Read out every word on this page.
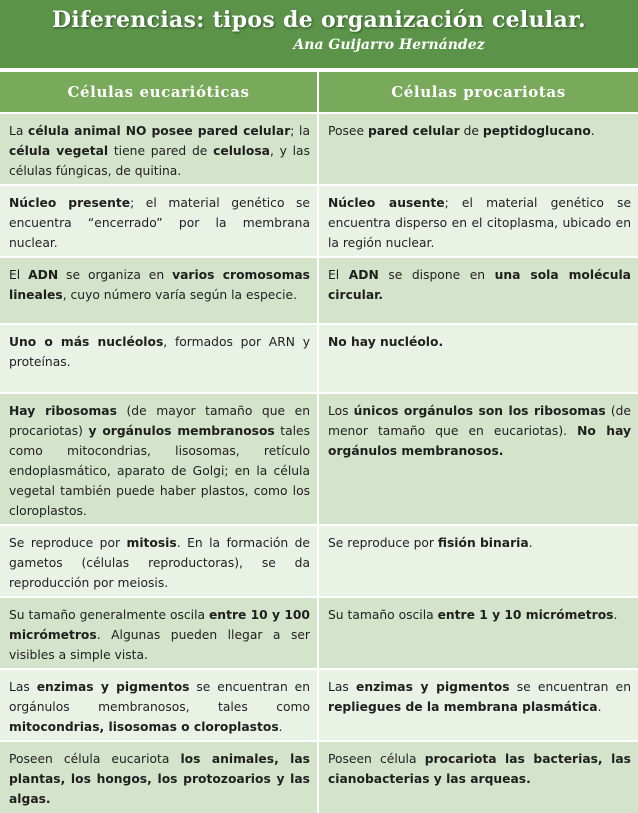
Diferencias: tipos de organización celular.
Ana Guijarro Hernández
Células eucarióticas	Células procariotas
La célula animal NO posee pared celular; la célula vegetal tiene pared de celulosa, y las células fúngicas, de quitina.	Posee pared celular de peptidoglucano.
Núcleo presente; el material genético se encuentra “encerrado” por la membrana nuclear.	Núcleo ausente; el material genético se encuentra disperso en el citoplasma, ubicado en la región nuclear.
El ADN se organiza en varios cromosomas lineales, cuyo número varía según la especie.	El ADN se dispone en una sola molécula circular.
Uno o más nucléolos, formados por ARN y proteínas.	No hay nucléolo.
Hay ribosomas (de mayor tamaño que en procariotas) y orgánulos membranosos tales como mitocondrias, lisosomas, retículo endoplasmático, aparato de Golgi; en la célula vegetal también puede haber plastos, como los cloroplastos.	Los únicos orgánulos son los ribosomas (de menor tamaño que en eucariotas). No hay orgánulos membranosos.
Se reproduce por mitosis. En la formación de gametos (células reproductoras), se da reproducción por meiosis.	Se reproduce por fisión binaria.
Su tamaño generalmente oscila entre 10 y 100 micrómetros. Algunas pueden llegar a ser visibles a simple vista.	Su tamaño oscila entre 1 y 10 micrómetros.
Las enzimas y pigmentos se encuentran en orgánulos membranosos, tales como mitocondrias, lisosomas o cloroplastos.	Las enzimas y pigmentos se encuentran en repliegues de la membrana plasmática.
Poseen célula eucariota los animales, las plantas, los hongos, los protozoarios y las algas.	Poseen célula procariota las bacterias, las cianobacterias y las arqueas.
